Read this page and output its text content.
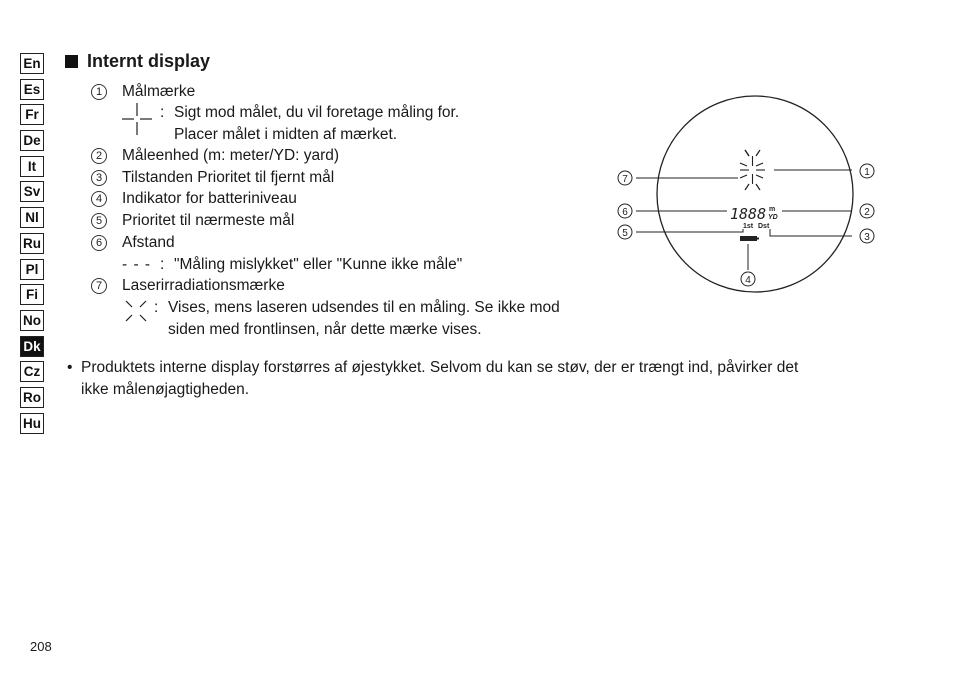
En
Es
Fr
De
It
Sv
Nl
Ru
Pl
Fi
No
Dk
Cz
Ro
Hu
Internt display
1	Målmærke
: Sigt mod målet, du vil foretage måling for.
Placer målet i midten af mærket.
2	Måleenhed (m: meter/YD: yard)
3	Tilstanden Prioritet til fjernt mål
4	Indikator for batteriniveau
5	Prioritet til nærmeste mål
6	Afstand
- - - : "Måling mislykket" eller "Kunne ikke måle"
7	Laserirradiationsmærke
: Vises, mens laseren udsendes til en måling. Se ikke mod
siden med frontlinsen, når dette mærke vises.
1888 m
YD
1st Dst
1
2
3
4
5
6
7
• Produktets interne display forstørres af øjestykket. Selvom du kan se støv, der er trængt ind, påvirker det
ikke målenøjagtigheden.
208
